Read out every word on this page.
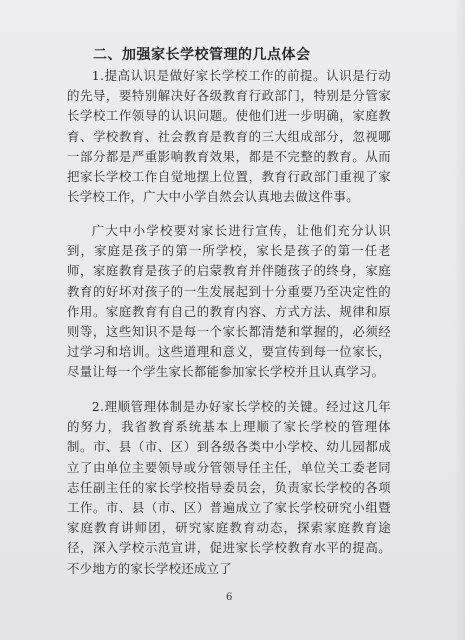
二、加强家长学校管理的几点体会

1.提高认识是做好家长学校工作的前提。认识是行动的先导，要特别解决好各级教育行政部门，特别是分管家长学校工作领导的认识问题。使他们进一步明确，家庭教育、学校教育、社会教育是教育的三大组成部分，忽视哪一部分都是严重影响教育效果，都是不完整的教育。从而把家长学校工作自觉地摆上位置，教育行政部门重视了家长学校工作，广大中小学自然会认真地去做这件事。

广大中小学校要对家长进行宣传，让他们充分认识到，家庭是孩子的第一所学校，家长是孩子的第一任老师，家庭教育是孩子的启蒙教育并伴随孩子的终身，家庭教育的好坏对孩子的一生发展起到十分重要乃至决定性的作用。家庭教育有自己的教育内容、方式方法、规律和原则等，这些知识不是每一个家长都清楚和掌握的，必须经过学习和培训。这些道理和意义，要宣传到每一位家长，尽量让每一个学生家长都能参加家长学校并且认真学习。

2.理顺管理体制是办好家长学校的关键。经过这几年的努力，我省教育系统基本上理顺了家长学校的管理体制。市、县（市、区）到各级各类中小学校、幼儿园都成立了由单位主要领导或分管领导任主任，单位关工委老同志任副主任的家长学校指导委员会，负责家长学校的各项工作。市、县（市、区）普遍成立了家长学校研究小组暨家庭教育讲师团，研究家庭教育动态，探索家庭教育途径，深入学校示范宣讲，促进家长学校教育水平的提高。不少地方的家长学校还成立了

6
